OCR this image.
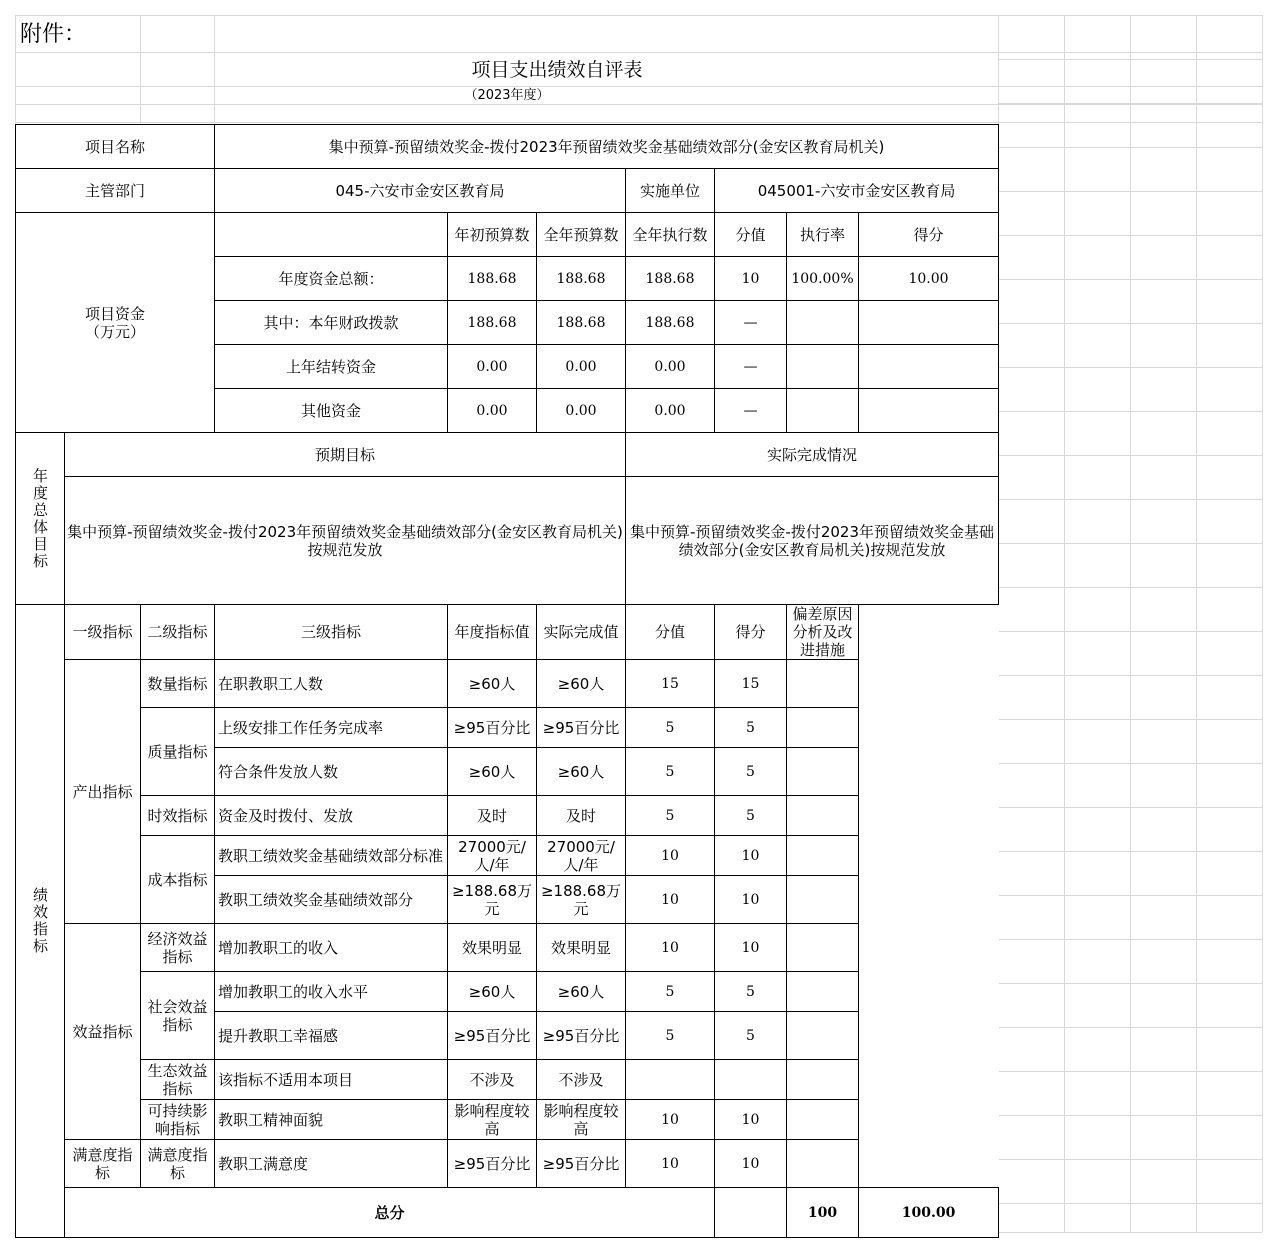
附件：
项目支出绩效自评表
（2023年度）
项目名称			集中预算-预留绩效奖金-拨付2023年预留绩效奖金基础绩效部分(金安区教育局机关)							
主管部门			045-六安市金安区教育局			实施单位	045001-六安市金安区教育局			
项目资金
（万元）				年初预算数	全年预算数	全年执行数	分值	执行率	得分	
			年度资金总额：	188.68	188.68	188.68	10	100.00%	10.00	
			其中：本年财政拨款	188.68	188.68	188.68	—			
			上年结转资金	0.00	0.00	0.00	—			
			其他资金	0.00	0.00	0.00	—			
年度总体目标	预期目标					实际完成情况				
	集中预算-预留绩效奖金-拨付2023年预留绩效奖金基础绩效部分(金安区教育局机关)按规范发放					集中预算-预留绩效奖金-拨付2023年预留绩效奖金基础绩效部分(金安区教育局机关)按规范发放				
绩效指标	一级指标	二级指标	三级指标	年度指标值	实际完成值	分值	得分	偏差原因分析及改进措施		
	产出指标	数量指标	在职教职工人数	≥60人	≥60人	15	15			
		质量指标	上级安排工作任务完成率	≥95百分比	≥95百分比	5	5			
			符合条件发放人数	≥60人	≥60人	5	5			
		时效指标	资金及时拨付、发放	及时	及时	5	5			
		成本指标	教职工绩效奖金基础绩效部分标准	27000元/人/年	27000元/人/年	10	10			
			教职工绩效奖金基础绩效部分	≥188.68万元	≥188.68万元	10	10			
	效益指标	经济效益指标	增加教职工的收入	效果明显	效果明显	10	10			
		社会效益指标	增加教职工的收入水平	≥60人	≥60人	5	5			
			提升教职工幸福感	≥95百分比	≥95百分比	5	5			
		生态效益指标	该指标不适用本项目	不涉及	不涉及					
		可持续影响指标	教职工精神面貌	影响程度较高	影响程度较高	10	10			
	满意度指标	满意度指标	教职工满意度	≥95百分比	≥95百分比	10	10			
	总分							100	100.00	
